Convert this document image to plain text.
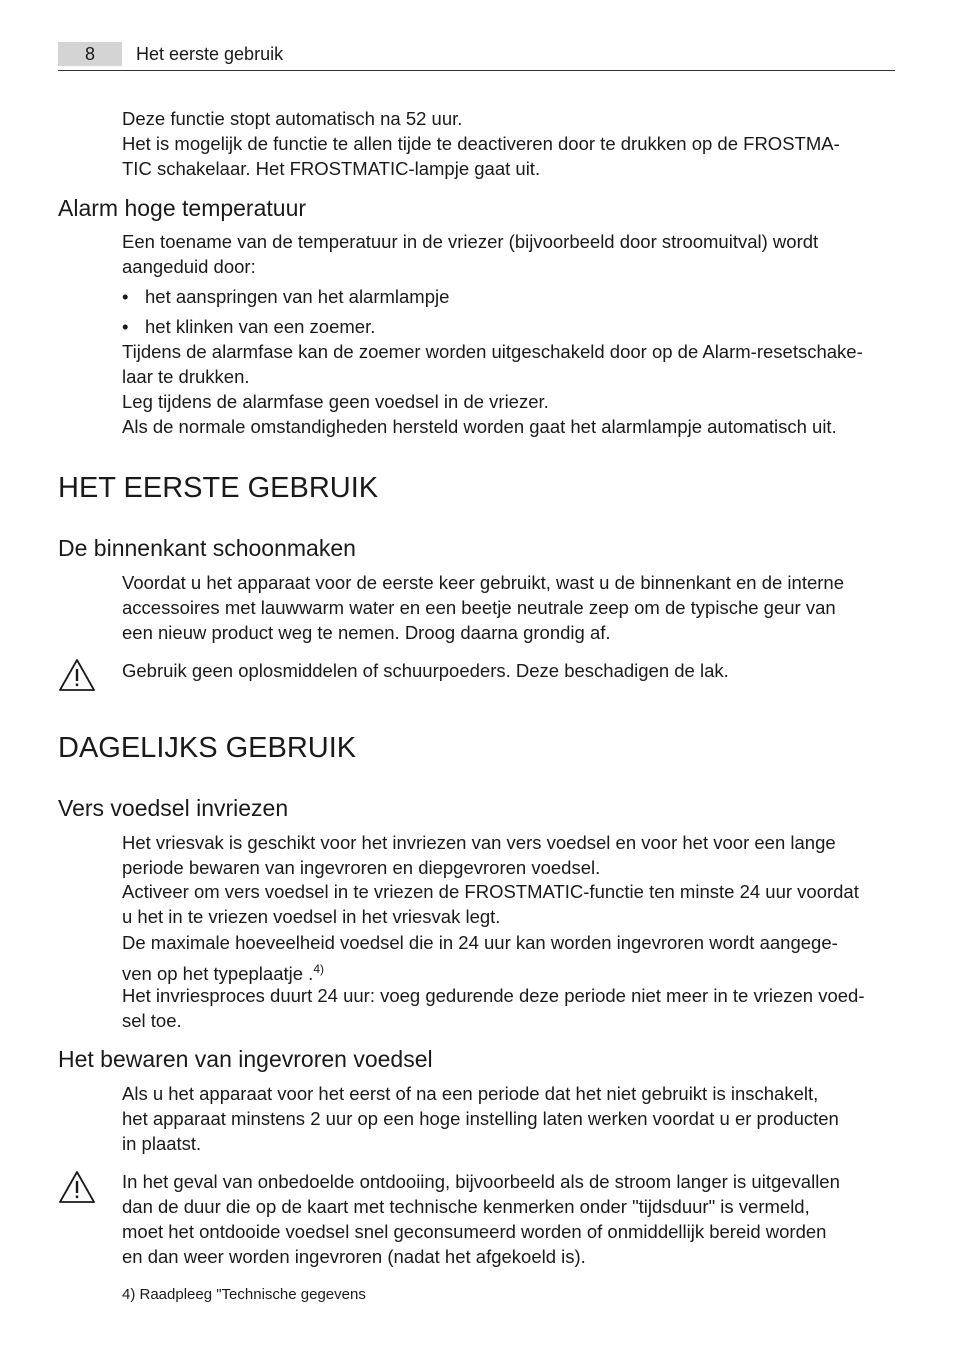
8	Het eerste gebruik

Deze functie stopt automatisch na 52 uur.

Het is mogelijk de functie te allen tijde te deactiveren door te drukken op de FROSTMA-

TIC schakelaar. Het FROSTMATIC-lampje gaat uit.

Alarm hoge temperatuur

Een toename van de temperatuur in de vriezer (bijvoorbeeld door stroomuitval) wordt

aangeduid door:

• het aanspringen van het alarmlampje
• het klinken van een zoemer.

Tijdens de alarmfase kan de zoemer worden uitgeschakeld door op de Alarm-resetschake-

laar te drukken.

Leg tijdens de alarmfase geen voedsel in de vriezer.

Als de normale omstandigheden hersteld worden gaat het alarmlampje automatisch uit.

HET EERSTE GEBRUIK
De binnenkant schoonmaken

Voordat u het apparaat voor de eerste keer gebruikt, wast u de binnenkant en de interne

accessoires met lauwwarm water en een beetje neutrale zeep om de typische geur van

een nieuw product weg te nemen. Droog daarna grondig af.

Gebruik geen oplosmiddelen of schuurpoeders. Deze beschadigen de lak.

DAGELIJKS GEBRUIK
Vers voedsel invriezen

Het vriesvak is geschikt voor het invriezen van vers voedsel en voor het voor een lange

periode bewaren van ingevroren en diepgevroren voedsel.

Activeer om vers voedsel in te vriezen de FROSTMATIC-functie ten minste 24 uur voordat

u het in te vriezen voedsel in het vriesvak legt.

De maximale hoeveelheid voedsel die in 24 uur kan worden ingevroren wordt aangege-

ven op het typeplaatje .$^{4)}$

Het invriesproces duurt 24 uur: voeg gedurende deze periode niet meer in te vriezen voed-

sel toe.

Het bewaren van ingevroren voedsel

Als u het apparaat voor het eerst of na een periode dat het niet gebruikt is inschakelt,

het apparaat minstens 2 uur op een hoge instelling laten werken voordat u er producten

in plaatst.

In het geval van onbedoelde ontdooiing, bijvoorbeeld als de stroom langer is uitgevallen

dan de duur die op de kaart met technische kenmerken onder "tijdsduur" is vermeld,

moet het ontdooide voedsel snel geconsumeerd worden of onmiddellijk bereid worden

en dan weer worden ingevroren (nadat het afgekoeld is).

4) Raadpleeg "Technische gegevens
